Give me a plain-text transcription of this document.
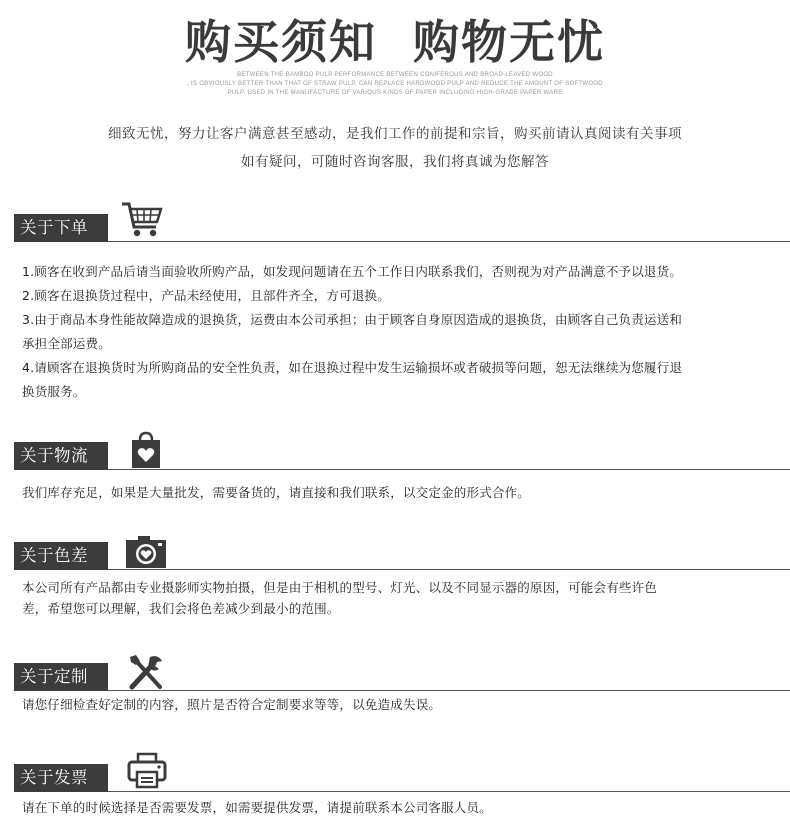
购买须知  购物无忧
BETWEEN THE BAMBOO PULP PERFORMANCE BETWEEN CONIFEROUS AND BROAD-LEAVED WOOD
, IS OBVIOUSLY BETTER THAN THAT OF STRAW PULP, CAN REPLACE HARDWOOD PULP AND REDUCE THE AMOUNT OF SOFTWOOD
PULP, USED IN THE MANUFACTURE OF VARIOUS KINDS OF PAPER INCLUDING HIGH-GRADE PAPER WARE
细致无忧，努力让客户满意甚至感动，是我们工作的前提和宗旨，购买前请认真阅读有关事项
如有疑问，可随时咨询客服，我们将真诚为您解答
关于下单

1.顾客在收到产品后请当面验收所购产品，如发现问题请在五个工作日内联系我们，否则视为对产品满意不予以退货。

2.顾客在退换货过程中，产品未经使用，且部件齐全，方可退换。

3.由于商品本身性能故障造成的退换货，运费由本公司承担；由于顾客自身原因造成的退换货，由顾客自己负责运送和

承担全部运费。

4.请顾客在退换货时为所购商品的安全性负责，如在退换过程中发生运输损坏或者破损等问题，恕无法继续为您履行退

换货服务。

关于物流

我们库存充足，如果是大量批发，需要备货的，请直接和我们联系，以交定金的形式合作。

关于色差

本公司所有产品都由专业摄影师实物拍摄，但是由于相机的型号、灯光、以及不同显示器的原因，可能会有些许色

差，希望您可以理解，我们会将色差减少到最小的范围。

关于定制

请您仔细检查好定制的内容，照片是否符合定制要求等等，以免造成失误。

关于发票

请在下单的时候选择是否需要发票，如需要提供发票，请提前联系本公司客服人员。
